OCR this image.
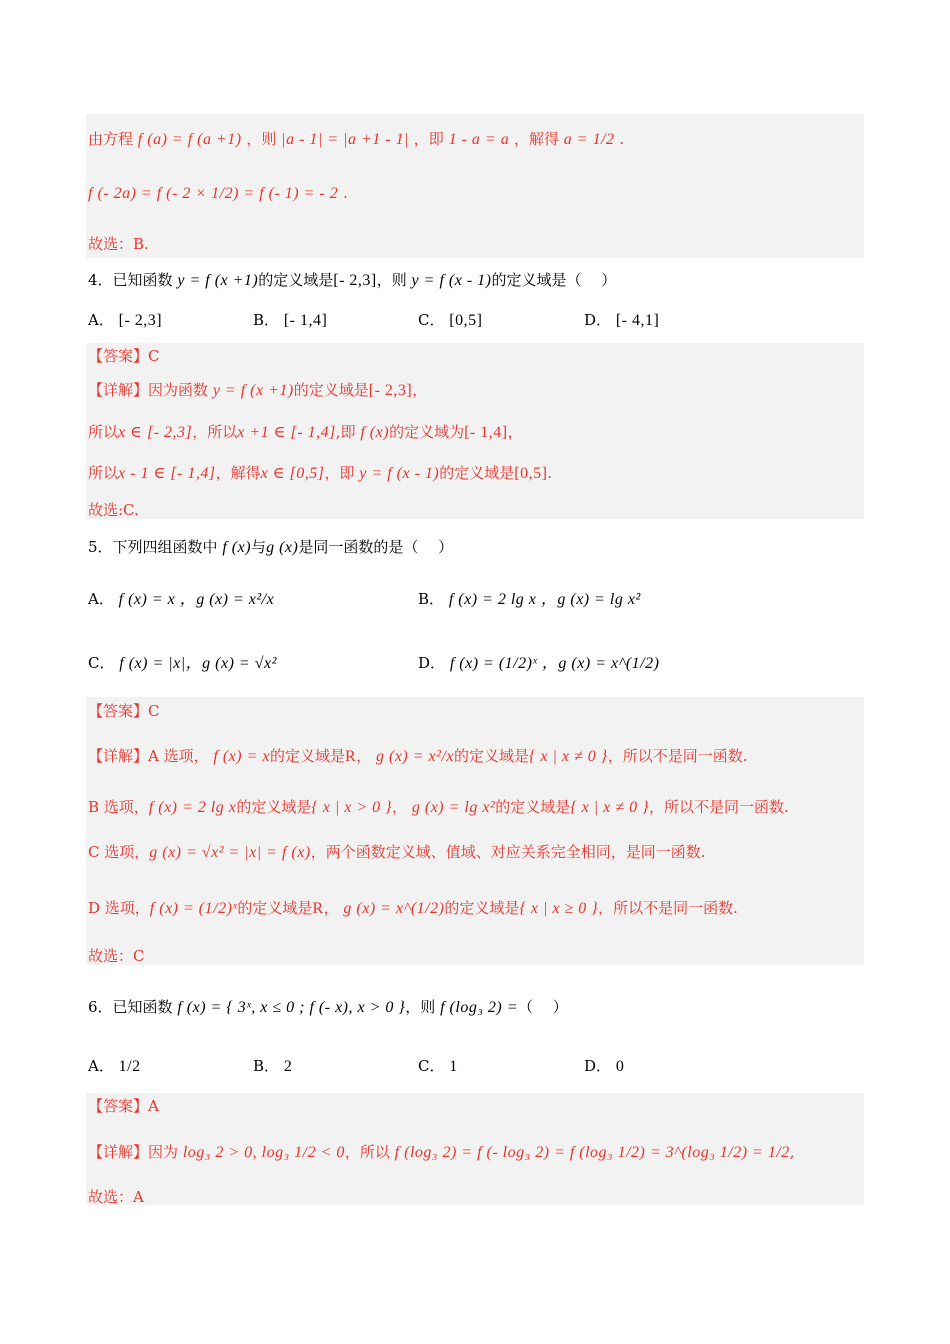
由方程 f (a) = f (a +1) ，则 |a - 1| = |a +1 - 1| ，即 1 - a = a ，解得 a = 1/2 .
f (- 2a) = f (- 2 × 1/2) = f (- 1) = - 2 .
故选：B.
4．已知函数 y = f (x +1)的定义域是[- 2,3]，则 y = f (x - 1)的定义域是（　 ）
A． [- 2,3]	B． [- 1,4]	C． [0,5]	D． [- 4,1]
【答案】C
【详解】因为函数 y = f (x +1)的定义域是[- 2,3]，
所以x ∈ [- 2,3]，所以x +1 ∈ [- 1,4],即 f (x)的定义域为[- 1,4]，
所以x - 1 ∈ [- 1,4]，解得x ∈ [0,5]，即 y = f (x - 1)的定义域是[0,5].
故选:C.
5．下列四组函数中 f (x)与g (x)是同一函数的是（　 ）
A． f (x) = x ，g (x) = x²/x	B． f (x) = 2 lg x ，g (x) = lg x²
C． f (x) = |x|，g (x) = √x²	D． f (x) = (1/2)ˣ ，g (x) = x^(1/2)
【答案】C
【详解】A 选项， f (x) = x的定义域是R， g (x) = x²/x的定义域是{ x | x ≠ 0 }，所以不是同一函数.
B 选项，f (x) = 2 lg x的定义域是{ x | x > 0 }， g (x) = lg x²的定义域是{ x | x ≠ 0 }，所以不是同一函数.
C 选项，g (x) = √x² = |x| = f (x)，两个函数定义域、值域、对应关系完全相同，是同一函数.
D 选项，f (x) = (1/2)ˣ的定义域是R， g (x) = x^(1/2)的定义域是{ x | x ≥ 0 }，所以不是同一函数.
故选：C
6．已知函数 f (x) = { 3ˣ, x ≤ 0 ; f (- x), x > 0 }，则 f (log₃ 2) =（　 ）
A． 1/2	B． 2	C． 1	D． 0
【答案】A
【详解】因为 log₃ 2 > 0, log₃ 1/2 < 0，所以 f (log₃ 2) = f (- log₃ 2) = f (log₃ 1/2) = 3^(log₃ 1/2) = 1/2,
故选：A
